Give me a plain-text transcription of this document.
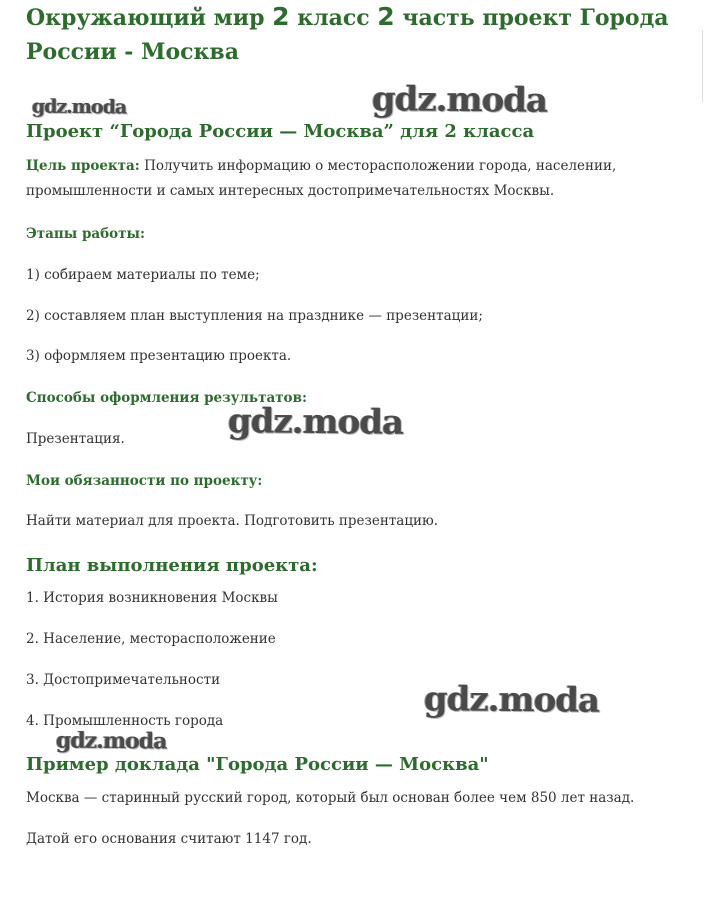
Окружающий мир 2 класс 2 часть проект Города России - Москва
gdz.moda	gdz.moda
Проект “Города России — Москва” для 2 класса
Цель проекта: Получить информацию о месторасположении города, населении,
промышленности и самых интересных достопримечательностях Москвы.
Этапы работы:
1) собираем материалы по теме;
2) составляем план выступления на празднике — презентации;
3) оформляем презентацию проекта.
Способы оформления результатов:
Презентация.	gdz.moda
Мои обязанности по проекту:
Найти материал для проекта. Подготовить презентацию.
План выполнения проекта:
1. История возникновения Москвы
2. Население, месторасположение
3. Достопримечательности
4. Промышленность города
gdz.moda
gdz.moda
Пример доклада "Города России — Москва"
Москва — старинный русский город, который был основан более чем 850 лет назад.
Датой его основания считают 1147 год.
